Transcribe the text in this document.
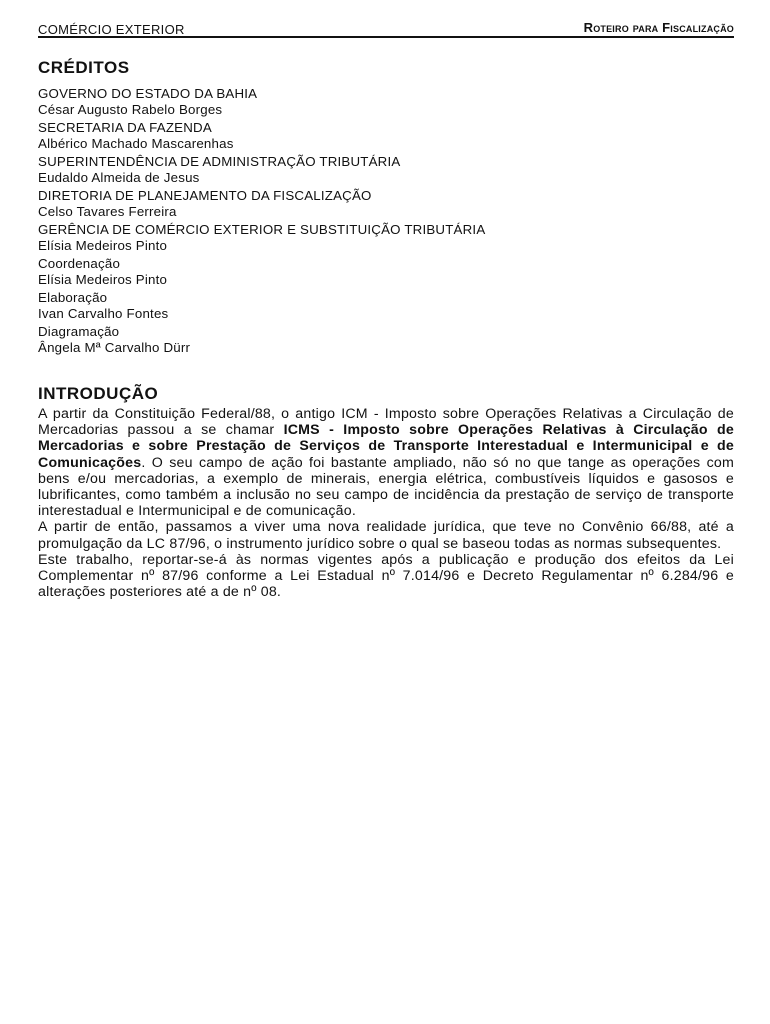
COMÉRCIO EXTERIOR	Roteiro para Fiscalização
CRÉDITOS
GOVERNO DO ESTADO DA BAHIA
César Augusto Rabelo Borges
SECRETARIA DA FAZENDA
Albérico Machado Mascarenhas
SUPERINTENDÊNCIA DE ADMINISTRAÇÃO TRIBUTÁRIA
Eudaldo Almeida de Jesus
DIRETORIA DE PLANEJAMENTO DA FISCALIZAÇÃO
Celso Tavares Ferreira
GERÊNCIA DE COMÉRCIO EXTERIOR E SUBSTITUIÇÃO TRIBUTÁRIA
Elísia Medeiros Pinto
Coordenação
Elísia Medeiros Pinto
Elaboração
Ivan Carvalho Fontes
Diagramação
Ângela Mª Carvalho Dürr
INTRODUÇÃO

A partir da Constituição Federal/88, o antigo ICM - Imposto sobre Operações Relativas a Circulação de Mercadorias passou a se chamar ICMS - Imposto sobre Operações Relativas à Circulação de Mercadorias e sobre Prestação de Serviços de Transporte Interestadual e Intermunicipal e de Comunicações. O seu campo de ação foi bastante ampliado, não só no que tange as operações com bens e/ou mercadorias, a exemplo de minerais, energia elétrica, combustíveis líquidos e gasosos e lubrificantes, como também a inclusão no seu campo de incidência da prestação de serviço de transporte interestadual e Intermunicipal e de comunicação.

A partir de então, passamos a viver uma nova realidade jurídica, que teve no Convênio 66/88, até a promulgação da LC 87/96, o instrumento jurídico sobre o qual se baseou todas as normas subsequentes.

Este trabalho, reportar-se-á às normas vigentes após a publicação e produção dos efeitos da Lei Complementar nº 87/96 conforme a Lei Estadual nº 7.014/96 e Decreto Regulamentar nº 6.284/96 e alterações posteriores até a de nº 08.
